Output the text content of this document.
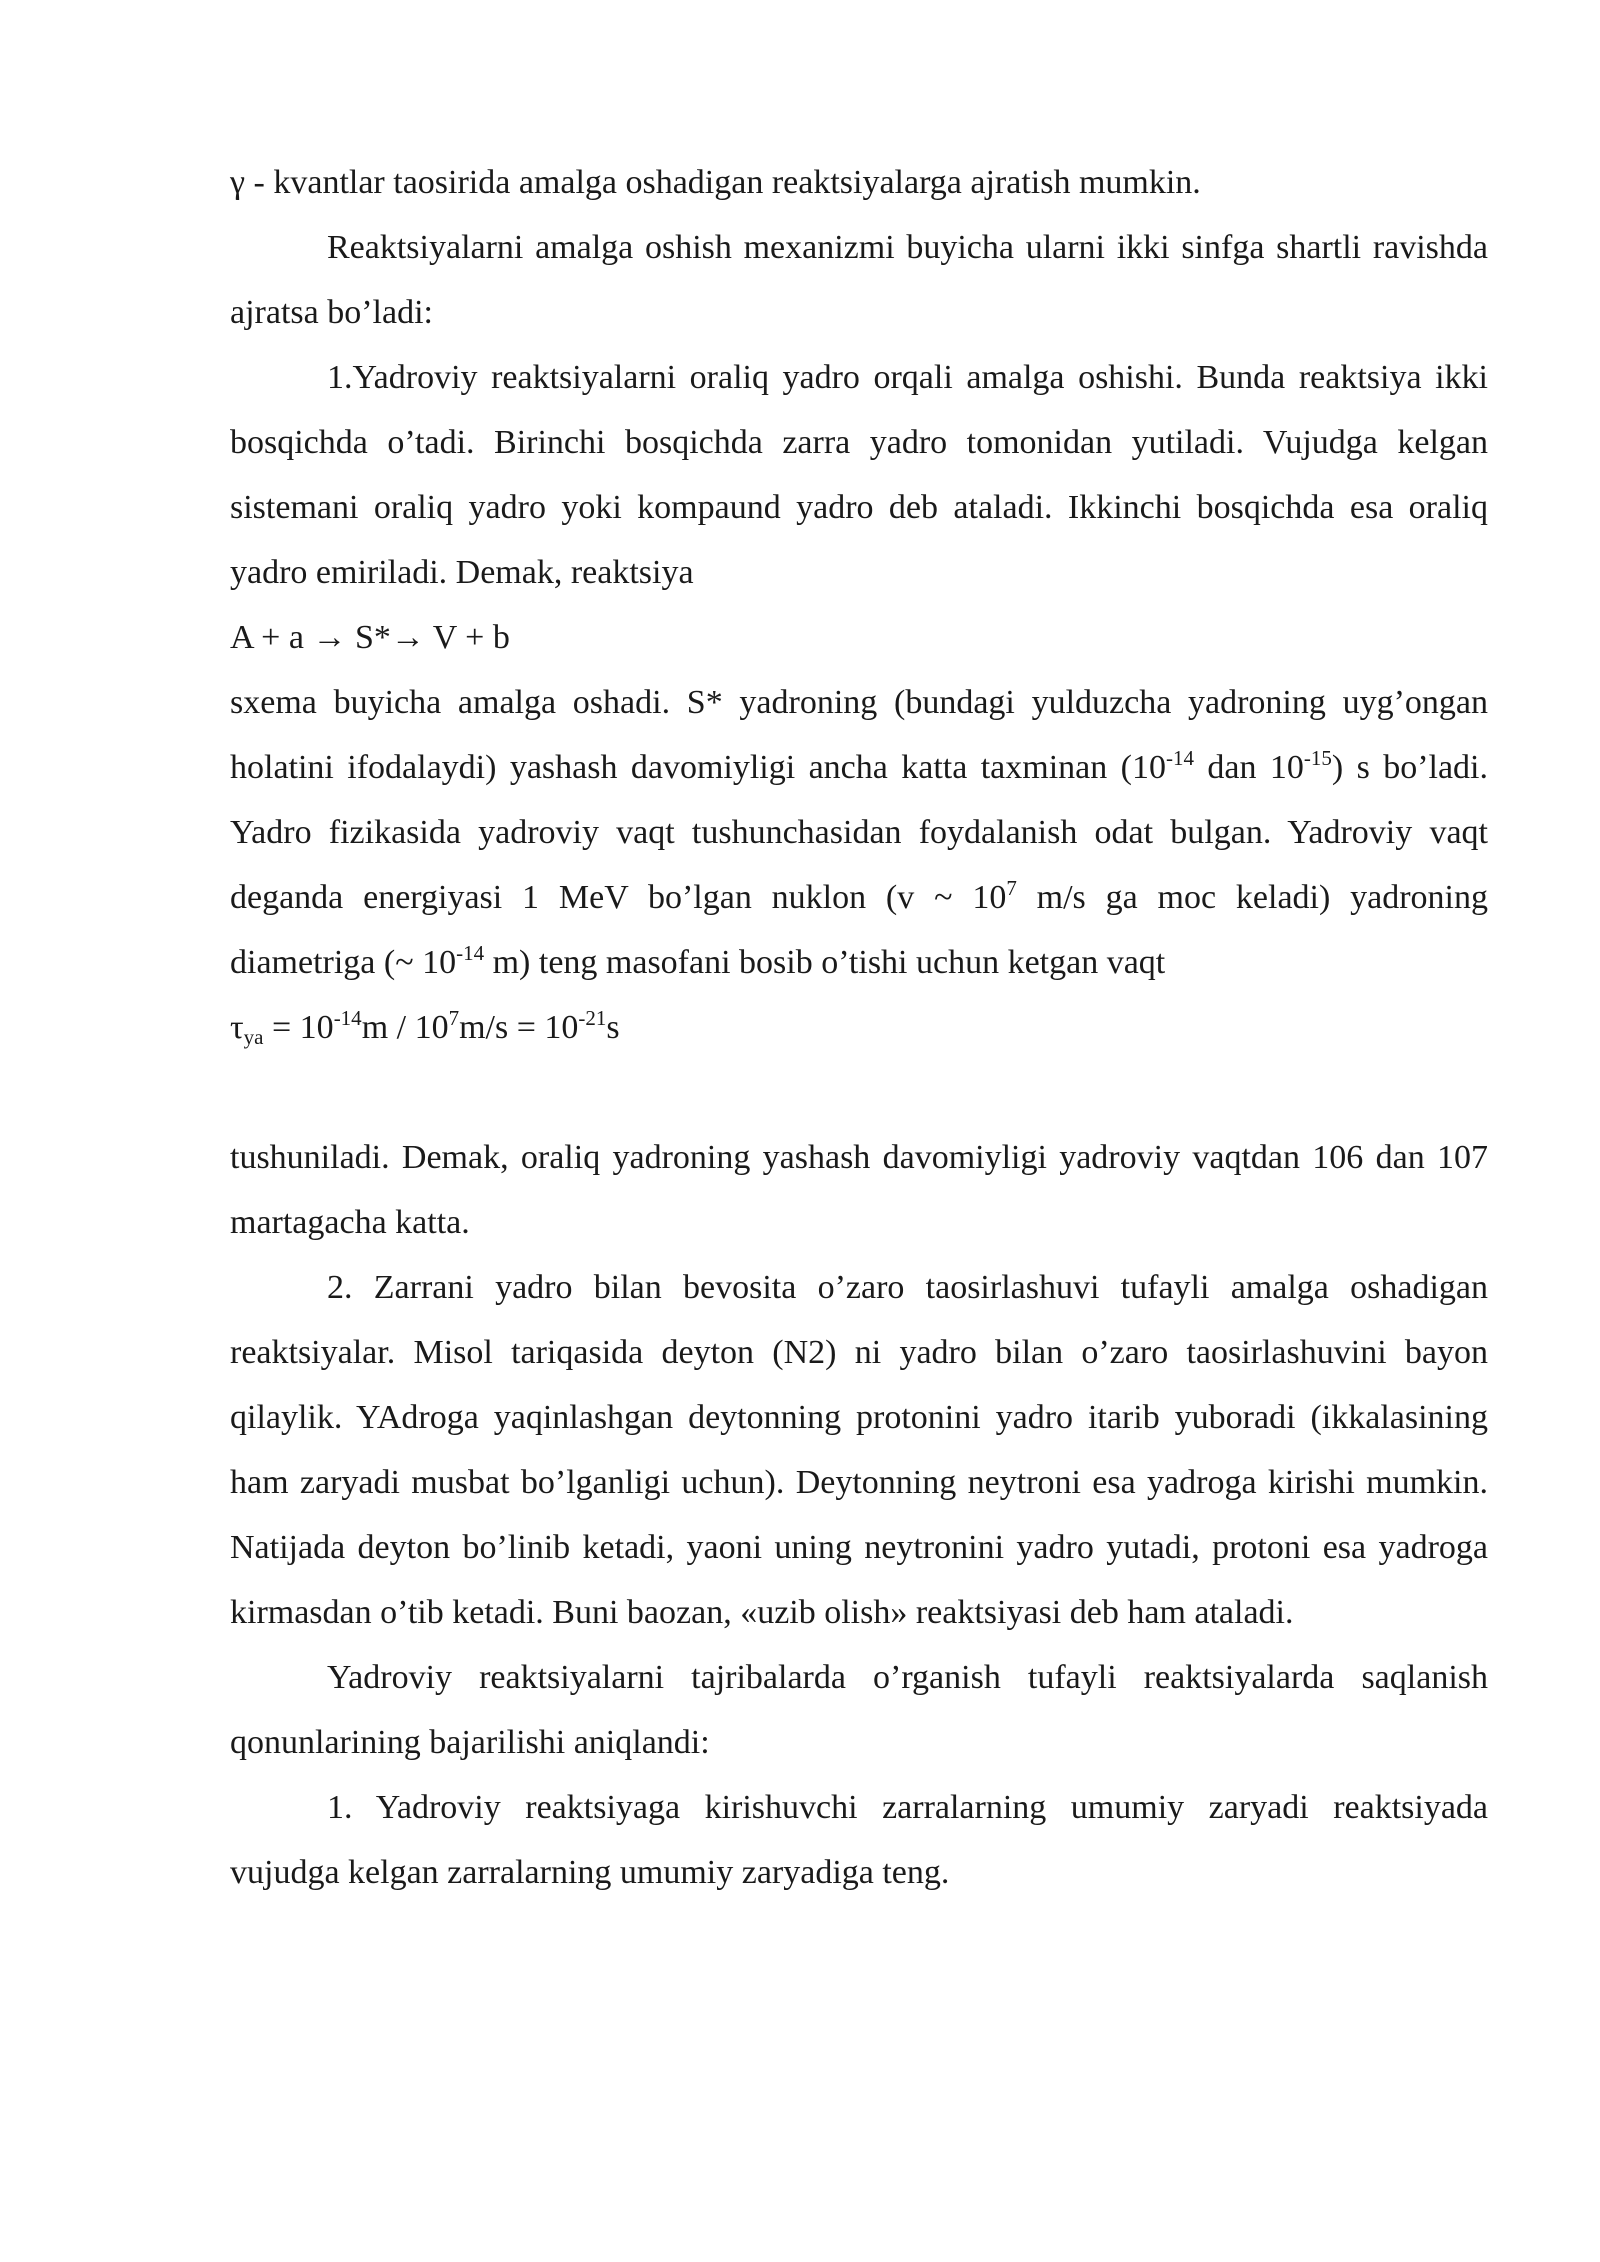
γ - kvantlar taosirida amalga oshadigan reaktsiyalarga ajratish mumkin.

Reaktsiyalarni amalga oshish mexanizmi buyicha ularni ikki sinfga shartli ravishda ajratsa bo’ladi:

1.Yadroviy reaktsiyalarni oraliq yadro orqali amalga oshishi. Bunda reaktsiya ikki bosqichda o’tadi. Birinchi bosqichda zarra yadro tomonidan yutiladi. Vujudga kelgan sistemani oraliq yadro yoki kompaund yadro deb ataladi. Ikkinchi bosqichda esa oraliq yadro emiriladi. Demak, reaktsiya

A + a → S*→ V + b

sxema buyicha amalga oshadi. S* yadroning (bundagi yulduzcha yadroning uyg’ongan holatini ifodalaydi) yashash davomiyligi ancha katta taxminan ($10^{-14}$ dan $10^{-15}$) s bo’ladi. Yadro fizikasida yadroviy vaqt tushunchasidan foydalanish odat bulgan. Yadroviy vaqt deganda energiyasi 1 MeV bo’lgan nuklon (v ~ $10^7$ m/s ga moc keladi) yadroning diametriga (~ $10^{-14}$ m) teng masofani bosib o’tishi uchun ketgan vaqt

$\tau_{ya} = 10^{-14}m / 10^7m/s = 10^{-21}s$

tushuniladi. Demak, oraliq yadroning yashash davomiyligi yadroviy vaqtdan 106 dan 107 martagacha katta.

2. Zarrani yadro bilan bevosita o’zaro taosirlashuvi tufayli amalga oshadigan reaktsiyalar. Misol tariqasida deyton (N2) ni yadro bilan o’zaro taosirlashuvini bayon qilaylik. YAdroga yaqinlashgan deytonning protonini yadro itarib yuboradi (ikkalasining ham zaryadi musbat bo’lganligi uchun). Deytonning neytroni esa yadroga kirishi mumkin. Natijada deyton bo’linib ketadi, yaoni uning neytronini yadro yutadi, protoni esa yadroga kirmasdan o’tib ketadi. Buni baozan, «uzib olish» reaktsiyasi deb ham ataladi.

Yadroviy reaktsiyalarni tajribalarda o’rganish tufayli reaktsiyalarda saqlanish qonunlarining bajarilishi aniqlandi:

1. Yadroviy reaktsiyaga kirishuvchi zarralarning umumiy zaryadi reaktsiyada vujudga kelgan zarralarning umumiy zaryadiga teng.
